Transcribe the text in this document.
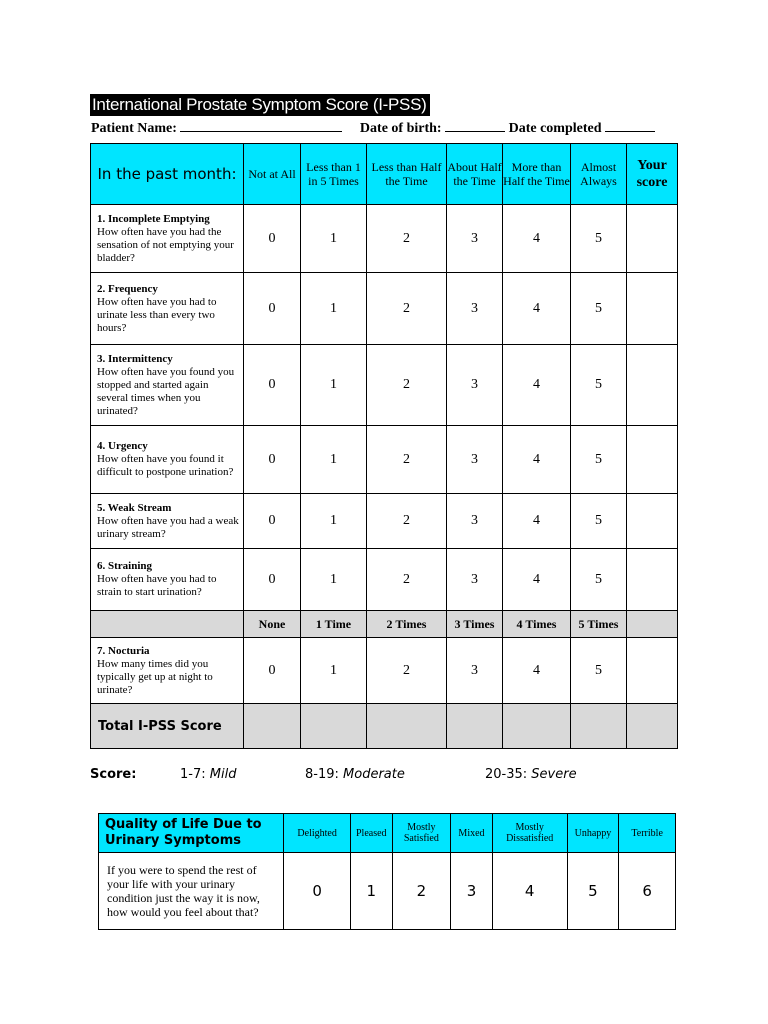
International Prostate Symptom Score (I-PSS)
Patient Name:	Date of birth:	Date completed
In the past month:	Not at All	Less than 1 in 5 Times	Less than Half the Time	About Half the Time	More than Half the Time	Almost Always	Your score
1. Incomplete Emptying
How often have you had the sensation of not emptying your bladder?	0	1	2	3	4	5	
2. Frequency
How often have you had to urinate less than every two hours?	0	1	2	3	4	5	
3. Intermittency
How often have you found you stopped and started again several times when you urinated?	0	1	2	3	4	5	
4. Urgency
How often have you found it difficult to postpone urination?	0	1	2	3	4	5	
5. Weak Stream
How often have you had a weak urinary stream?	0	1	2	3	4	5	
6. Straining
How often have you had to strain to start urination?	0	1	2	3	4	5	
	None	1 Time	2 Times	3 Times	4 Times	5 Times	
7. Nocturia
How many times did you typically get up at night to urinate?	0	1	2	3	4	5	
Total I-PSS Score							
Score:	1-7: Mild	8-19: Moderate	20-35: Severe
Quality of Life Due to Urinary Symptoms	Delighted	Pleased	Mostly Satisfied	Mixed	Mostly Dissatisfied	Unhappy	Terrible
If you were to spend the rest of your life with your urinary condition just the way it is now, how would you feel about that?	0	1	2	3	4	5	6
